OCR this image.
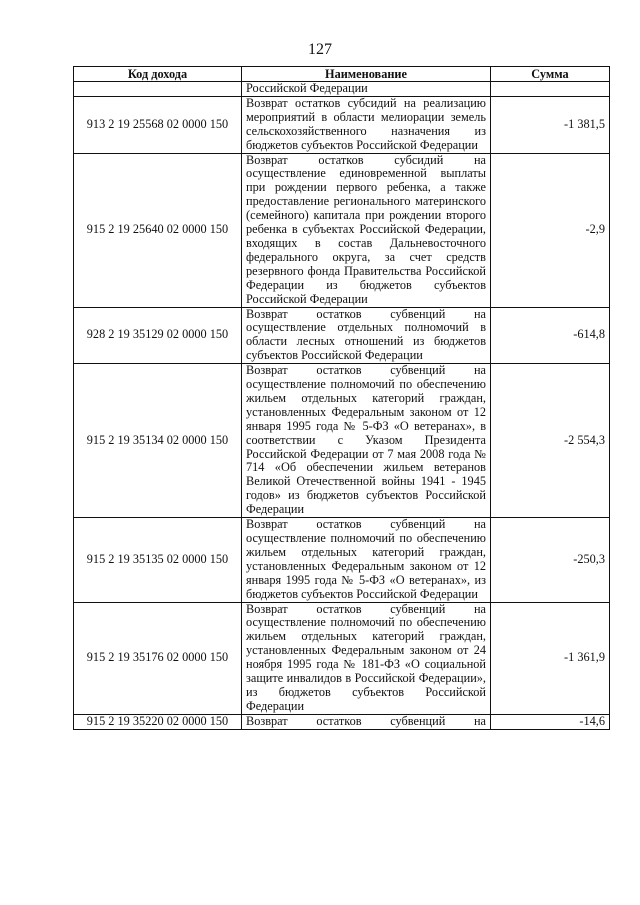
127
Код дохода	Наименование	Сумма
	Российской Федерации	
913 2 19 25568 02 0000 150	Возврат остатков субсидий на реализацию мероприятий в области мелиорации земель сельскохозяйственного назначения из бюджетов субъектов Российской Федерации	-1 381,5
915 2 19 25640 02 0000 150	Возврат остатков субсидий на осуществление единовременной выплаты при рождении первого ребенка, а также предоставление регионального материнского (семейного) капитала при рождении второго ребенка в субъектах Российской Федерации, входящих в состав Дальневосточного федерального округа, за счет средств резервного фонда Правительства Российской Федерации из бюджетов субъектов Российской Федерации	-2,9
928 2 19 35129 02 0000 150	Возврат остатков субвенций на осуществление отдельных полномочий в области лесных отношений из бюджетов субъектов Российской Федерации	-614,8
915 2 19 35134 02 0000 150	Возврат остатков субвенций на осуществление полномочий по обеспечению жильем отдельных категорий граждан, установленных Федеральным законом от 12 января 1995 года № 5-ФЗ «О ветеранах», в соответствии с Указом Президента Российской Федерации от 7 мая 2008 года № 714 «Об обеспечении жильем ветеранов Великой Отечественной войны 1941 - 1945 годов» из бюджетов субъектов Российской Федерации	-2 554,3
915 2 19 35135 02 0000 150	Возврат остатков субвенций на осуществление полномочий по обеспечению жильем отдельных категорий граждан, установленных Федеральным законом от 12 января 1995 года № 5-ФЗ «О ветеранах», из бюджетов субъектов Российской Федерации	-250,3
915 2 19 35176 02 0000 150	Возврат остатков субвенций на осуществление полномочий по обеспечению жильем отдельных категорий граждан, установленных Федеральным законом от 24 ноября 1995 года № 181-ФЗ «О социальной защите инвалидов в Российской Федерации», из бюджетов субъектов Российской Федерации	-1 361,9
915 2 19 35220 02 0000 150	Возврат остатков субвенций на	-14,6
